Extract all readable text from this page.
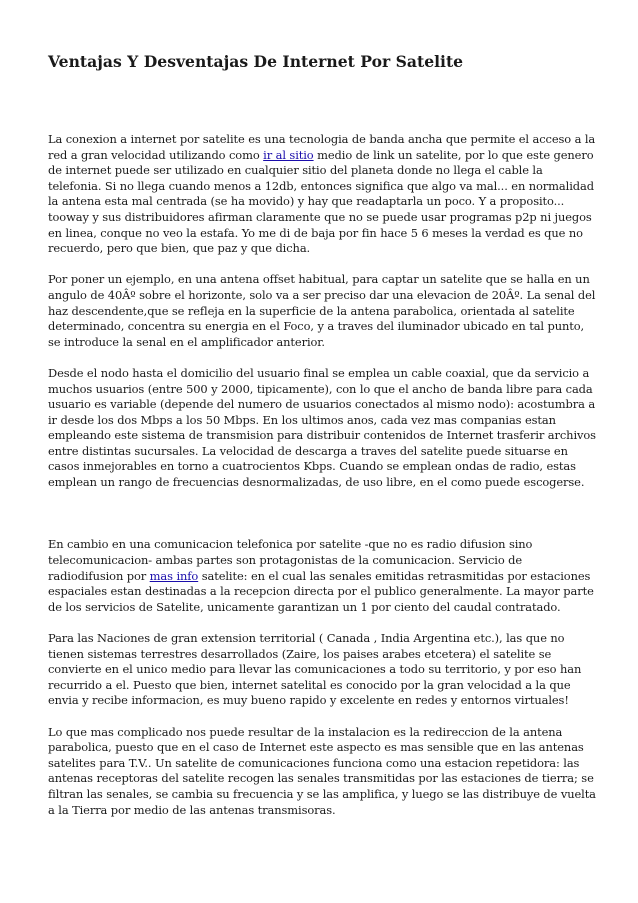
Ventajas Y Desventajas De Internet Por Satelite

La conexion a internet por satelite es una tecnologia de banda ancha que permite el acceso a la red a gran velocidad utilizando como ir al sitio medio de link un satelite, por lo que este genero de internet puede ser utilizado en cualquier sitio del planeta donde no llega el cable la telefonia. Si no llega cuando menos a 12db, entonces significa que algo va mal... en normalidad la antena esta mal centrada (se ha movido) y hay que readaptarla un poco. Y a proposito... tooway y sus distribuidores afirman claramente que no se puede usar programas p2p ni juegos en linea, conque no veo la estafa. Yo me di de baja por fin hace 5 6 meses la verdad es que no recuerdo, pero que bien, que paz y que dicha.

Por poner un ejemplo, en una antena offset habitual, para captar un satelite que se halla en un angulo de 40Âº sobre el horizonte, solo va a ser preciso dar una elevacion de 20Âº. La senal del haz descendente,que se refleja en la superficie de la antena parabolica, orientada al satelite determinado, concentra su energia en el Foco, y a traves del iluminador ubicado en tal punto, se introduce la senal en el amplificador anterior.

Desde el nodo hasta el domicilio del usuario final se emplea un cable coaxial, que da servicio a muchos usuarios (entre 500 y 2000, tipicamente), con lo que el ancho de banda libre para cada usuario es variable (depende del numero de usuarios conectados al mismo nodo): acostumbra a ir desde los dos Mbps a los 50 Mbps. En los ultimos anos, cada vez mas companias estan empleando este sistema de transmision para distribuir contenidos de Internet trasferir archivos entre distintas sucursales. La velocidad de descarga a traves del satelite puede situarse en casos inmejorables en torno a cuatrocientos Kbps. Cuando se emplean ondas de radio, estas emplean un rango de frecuencias desnormalizadas, de uso libre, en el como puede escogerse.

En cambio en una comunicacion telefonica por satelite -que no es radio difusion sino telecomunicacion- ambas partes son protagonistas de la comunicacion. Servicio de radiodifusion por mas info satelite: en el cual las senales emitidas retrasmitidas por estaciones espaciales estan destinadas a la recepcion directa por el publico generalmente. La mayor parte de los servicios de Satelite, unicamente garantizan un 1 por ciento del caudal contratado.

Para las Naciones de gran extension territorial ( Canada , India Argentina etc.), las que no tienen sistemas terrestres desarrollados (Zaire, los paises arabes etcetera) el satelite se convierte en el unico medio para llevar las comunicaciones a todo su territorio, y por eso han recurrido a el. Puesto que bien, internet satelital es conocido por la gran velocidad a la que envia y recibe informacion, es muy bueno rapido y excelente en redes y entornos virtuales!

Lo que mas complicado nos puede resultar de la instalacion es la redireccion de la antena parabolica, puesto que en el caso de Internet este aspecto es mas sensible que en las antenas satelites para T.V.. Un satelite de comunicaciones funciona como una estacion repetidora: las antenas receptoras del satelite recogen las senales transmitidas por las estaciones de tierra; se filtran las senales, se cambia su frecuencia y se las amplifica, y luego se las distribuye de vuelta a la Tierra por medio de las antenas transmisoras.
